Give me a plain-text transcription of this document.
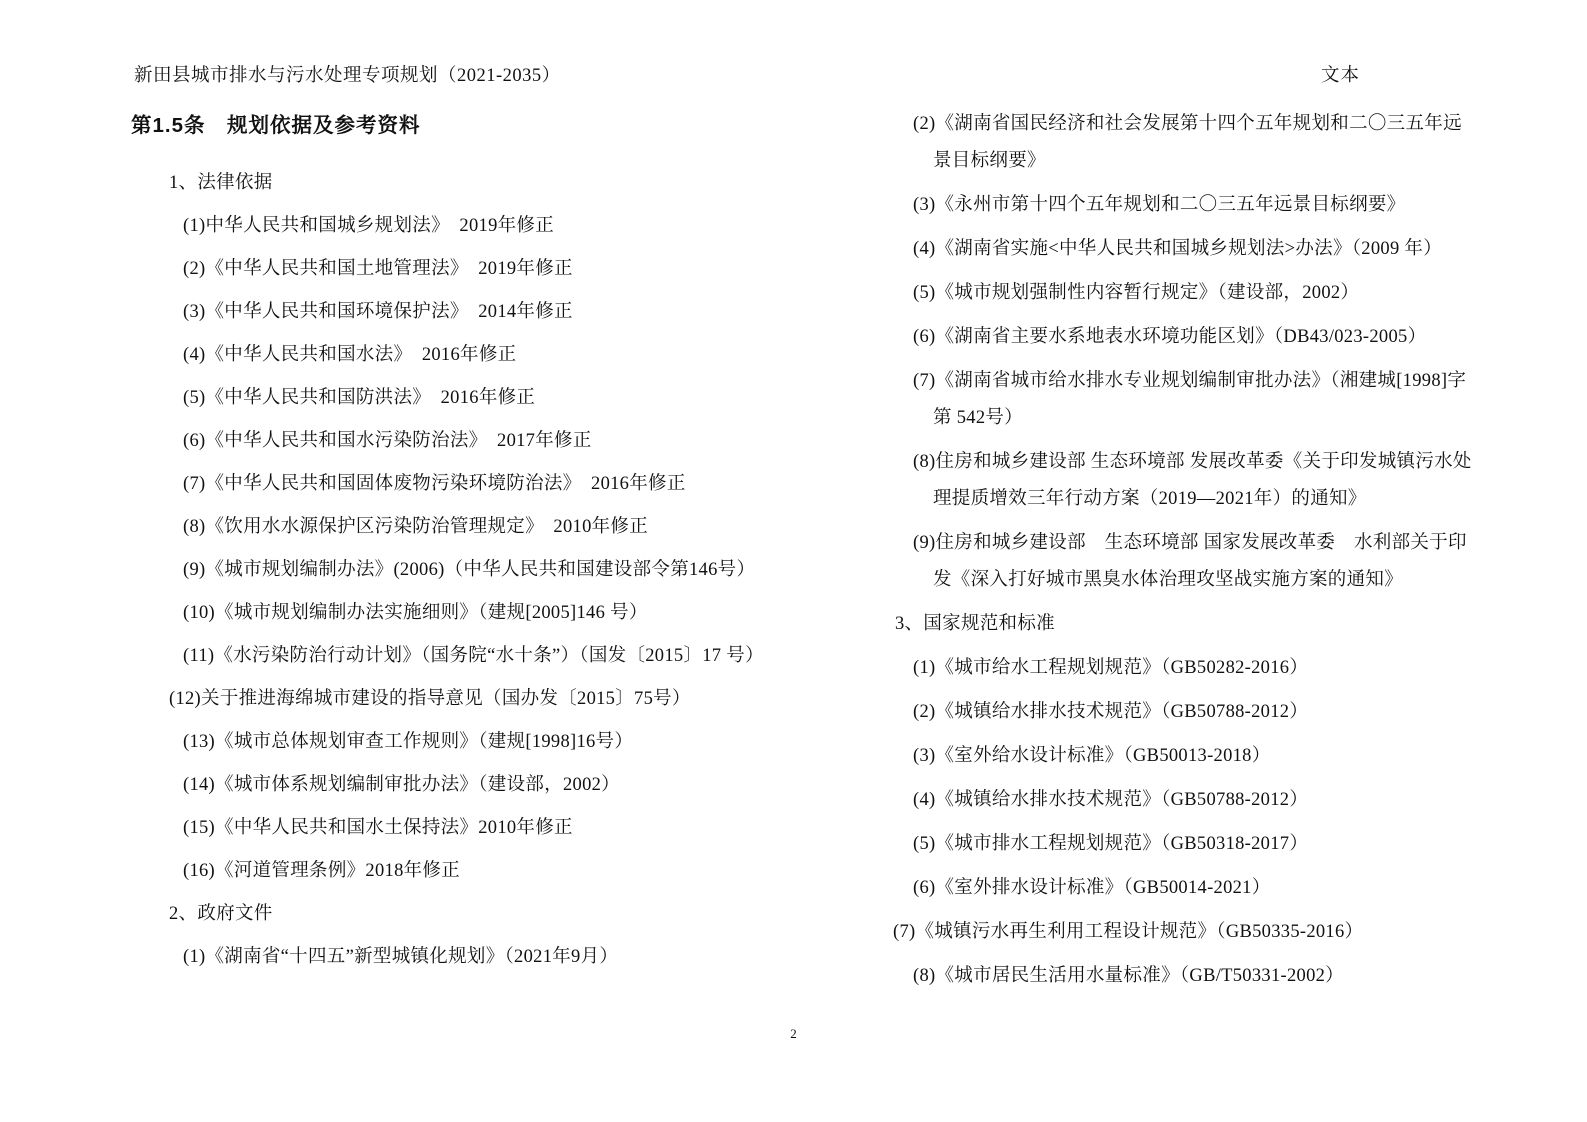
新田县城市排水与污水处理专项规划（2021-2035）	文本
第1.5条　规划依据及参考资料
1、法律依据
(1)中华人民共和国城乡规划法》　2019年修正
(2)《中华人民共和国土地管理法》　2019年修正
(3)《中华人民共和国环境保护法》　2014年修正
(4)《中华人民共和国水法》　2016年修正
(5)《中华人民共和国防洪法》　2016年修正
(6)《中华人民共和国水污染防治法》　2017年修正
(7)《中华人民共和国固体废物污染环境防治法》　2016年修正
(8)《饮用水水源保护区污染防治管理规定》　2010年修正
(9)《城市规划编制办法》(2006)（中华人民共和国建设部令第146号）
(10)《城市规划编制办法实施细则》（建规[2005]146 号）
(11)《水污染防治行动计划》（国务院“水十条”）（国发〔2015〕17 号）
(12)关于推进海绵城市建设的指导意见（国办发〔2015〕75号）
(13)《城市总体规划审查工作规则》（建规[1998]16号）
(14)《城市体系规划编制审批办法》（建设部，2002）
(15)《中华人民共和国水土保持法》2010年修正
(16)《河道管理条例》2018年修正
2、政府文件
(1)《湖南省“十四五”新型城镇化规划》（2021年9月）
(2)《湖南省国民经济和社会发展第十四个五年规划和二〇三五年远景目标纲要》
(3)《永州市第十四个五年规划和二〇三五年远景目标纲要》
(4)《湖南省实施<中华人民共和国城乡规划法>办法》（2009 年）
(5)《城市规划强制性内容暂行规定》（建设部，2002）
(6)《湖南省主要水系地表水环境功能区划》（DB43/023-2005）
(7)《湖南省城市给水排水专业规划编制审批办法》（湘建城[1998]字第 542号）
(8)住房和城乡建设部 生态环境部 发展改革委《关于印发城镇污水处理提质增效三年行动方案（2019—2021年）的通知》
(9)住房和城乡建设部　生态环境部 国家发展改革委　水利部关于印发《深入打好城市黑臭水体治理攻坚战实施方案的通知》
3、国家规范和标准
(1)《城市给水工程规划规范》（GB50282-2016）
(2)《城镇给水排水技术规范》（GB50788-2012）
(3)《室外给水设计标准》（GB50013-2018）
(4)《城镇给水排水技术规范》（GB50788-2012）
(5)《城市排水工程规划规范》（GB50318-2017）
(6)《室外排水设计标准》（GB50014-2021）
(7)《城镇污水再生利用工程设计规范》（GB50335-2016）
(8)《城市居民生活用水量标准》（GB/T50331-2002）
2
